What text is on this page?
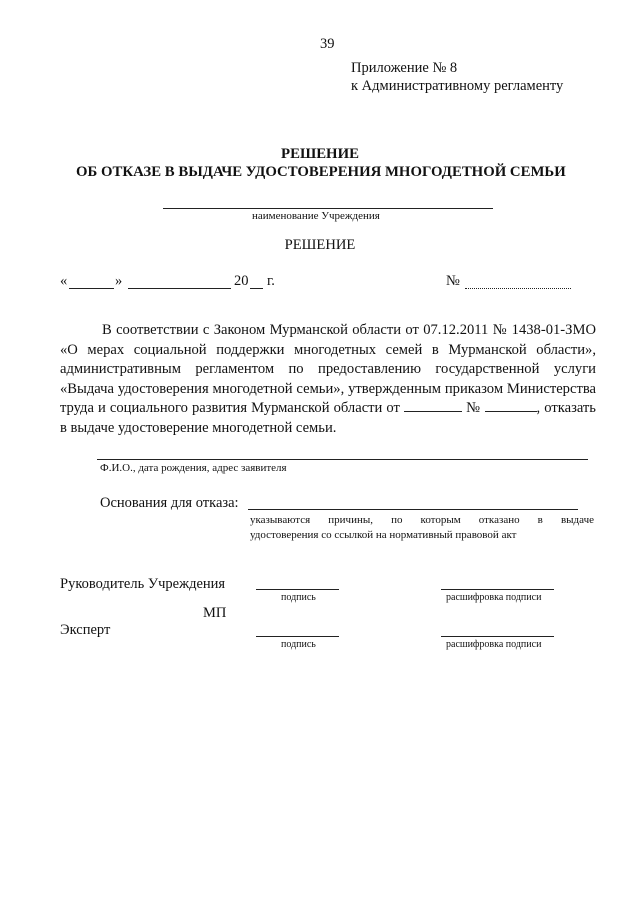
39
Приложение № 8
к Административному регламенту
РЕШЕНИЕ
ОБ ОТКАЗЕ В ВЫДАЧЕ УДОСТОВЕРЕНИЯ МНОГОДЕТНОЙ СЕМЬИ
наименование Учреждения
РЕШЕНИЕ
«	»	20 г.	№
В соответствии с Законом Мурманской области от 07.12.2011 № 1438-01-ЗМО «О мерах социальной поддержки многодетных семей в Мурманской области», административным регламентом по предоставлению государственной услуги «Выдача удостоверения многодетной семьи», утвержденным приказом Министерства труда и социального развития Мурманской области от	№	, отказать в выдаче удостоверение многодетной семьи.
Ф.И.О., дата рождения, адрес заявителя
Основания для отказа:
указываются причины, по которым отказано в выдаче
удостоверения со ссылкой на нормативный правовой акт
Руководитель Учреждения
подпись	расшифровка подписи
МП
Эксперт
подпись	расшифровка подписи
